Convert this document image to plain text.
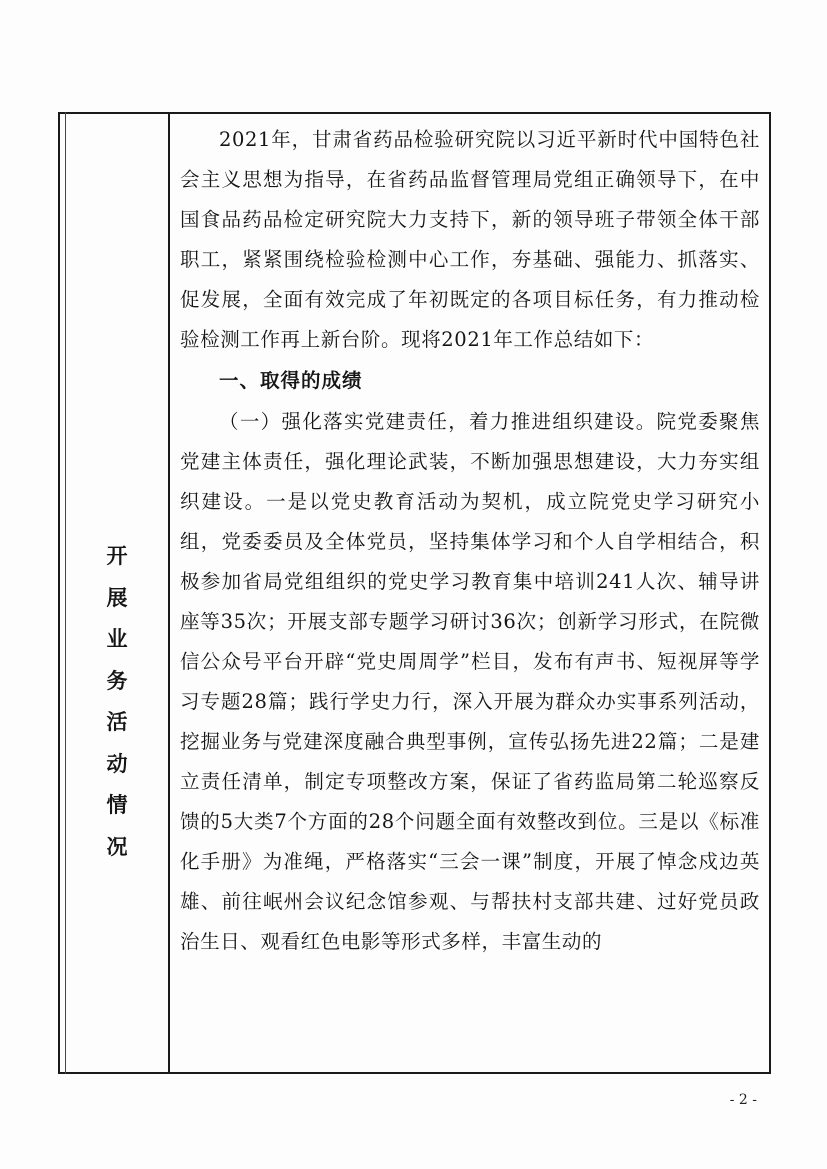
开
展
业
务
活
动
情
况

2021年，甘肃省药品检验研究院以习近平新时代中国特色社会主义思想为指导，在省药品监督管理局党组正确领导下，在中国食品药品检定研究院大力支持下，新的领导班子带领全体干部职工，紧紧围绕检验检测中心工作，夯基础、强能力、抓落实、促发展，全面有效完成了年初既定的各项目标任务，有力推动检验检测工作再上新台阶。现将2021年工作总结如下：

一、取得的成绩

（一）强化落实党建责任，着力推进组织建设。院党委聚焦党建主体责任，强化理论武装，不断加强思想建设，大力夯实组织建设。一是以党史教育活动为契机，成立院党史学习研究小组，党委委员及全体党员，坚持集体学习和个人自学相结合，积极参加省局党组组织的党史学习教育集中培训241人次、辅导讲座等35次；开展支部专题学习研讨36次；创新学习形式，在院微信公众号平台开辟“党史周周学”栏目，发布有声书、短视屏等学习专题28篇；践行学史力行，深入开展为群众办实事系列活动，挖掘业务与党建深度融合典型事例，宣传弘扬先进22篇；二是建立责任清单，制定专项整改方案，保证了省药监局第二轮巡察反馈的5大类7个方面的28个问题全面有效整改到位。三是以《标准化手册》为准绳，严格落实“三会一课”制度，开展了悼念戍边英雄、前往岷州会议纪念馆参观、与帮扶村支部共建、过好党员政治生日、观看红色电影等形式多样，丰富生动的

- 2 -
